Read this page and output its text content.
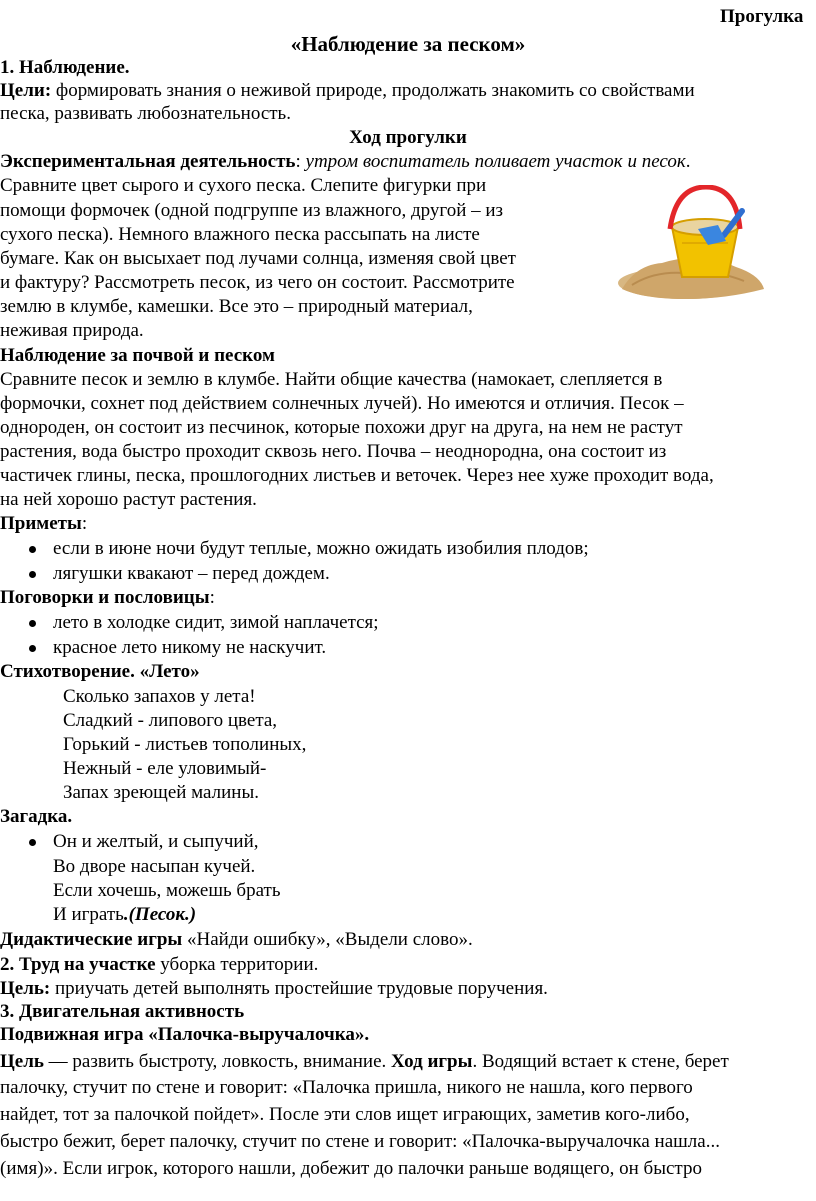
Прогулка
«Наблюдение за песком»
1. Наблюдение.
Цели: формировать знания о неживой природе, продолжать знакомить со свойствами
песка, развивать любознательность.
Ход прогулки
Экспериментальная деятельность: утром воспитатель поливает участок и песок.
Сравните цвет сырого и сухого песка. Слепите фигурки при
помощи формочек (одной подгруппе из влажного, другой – из
сухого песка). Немного влажного песка рассыпать на листе
бумаге. Как он высыхает под лучами солнца, изменяя свой цвет
и фактуру? Рассмотреть песок, из чего он состоит. Рассмотрите
землю в клумбе, камешки. Все это – природный материал,
неживая природа.
Наблюдение за почвой и песком
Сравните песок и землю в клумбе. Найти общие качества (намокает, слепляется в
формочки, сохнет под действием солнечных лучей). Но имеются и отличия. Песок –
однороден, он состоит из песчинок, которые похожи друг на друга, на нем не растут
растения, вода быстро проходит сквозь него. Почва – неоднородна, она состоит из
частичек глины, песка, прошлогодних листьев и веточек. Через нее хуже проходит вода,
на ней хорошо растут растения.
Приметы:
если в июне ночи будут теплые, можно ожидать изобилия плодов;
лягушки квакают – перед дождем.
Поговорки и пословицы:
лето в холодке сидит, зимой наплачется;
красное лето никому не наскучит.
Стихотворение. «Лето»
Сколько запахов у лета!
Сладкий - липового цвета,
Горький - листьев тополиных,
Нежный - еле уловимый-
Запах зреющей малины.
Загадка.
Он и желтый, и сыпучий,
Во дворе насыпан кучей.
Если хочешь, можешь брать
И играть.(Песок.)
Дидактические игры «Найди ошибку», «Выдели слово».
2. Труд на участке уборка территории.
Цель: приучать детей выполнять простейшие трудовые поручения.
3. Двигательная активность
Подвижная игра «Палочка-выручалочка».
Цель — развить быстроту, ловкость, внимание. Ход игры. Водящий встает к стене, берет
палочку, стучит по стене и говорит: «Палочка пришла, никого не нашла, кого первого
найдет, тот за палочкой пойдет». После эти слов ищет играющих, заметив кого-либо,
быстро бежит, берет палочку, стучит по стене и говорит: «Палочка-выручалочка нашла...
(имя)». Если игрок, которого нашли, добежит до палочки раньше водящего, он быстро
